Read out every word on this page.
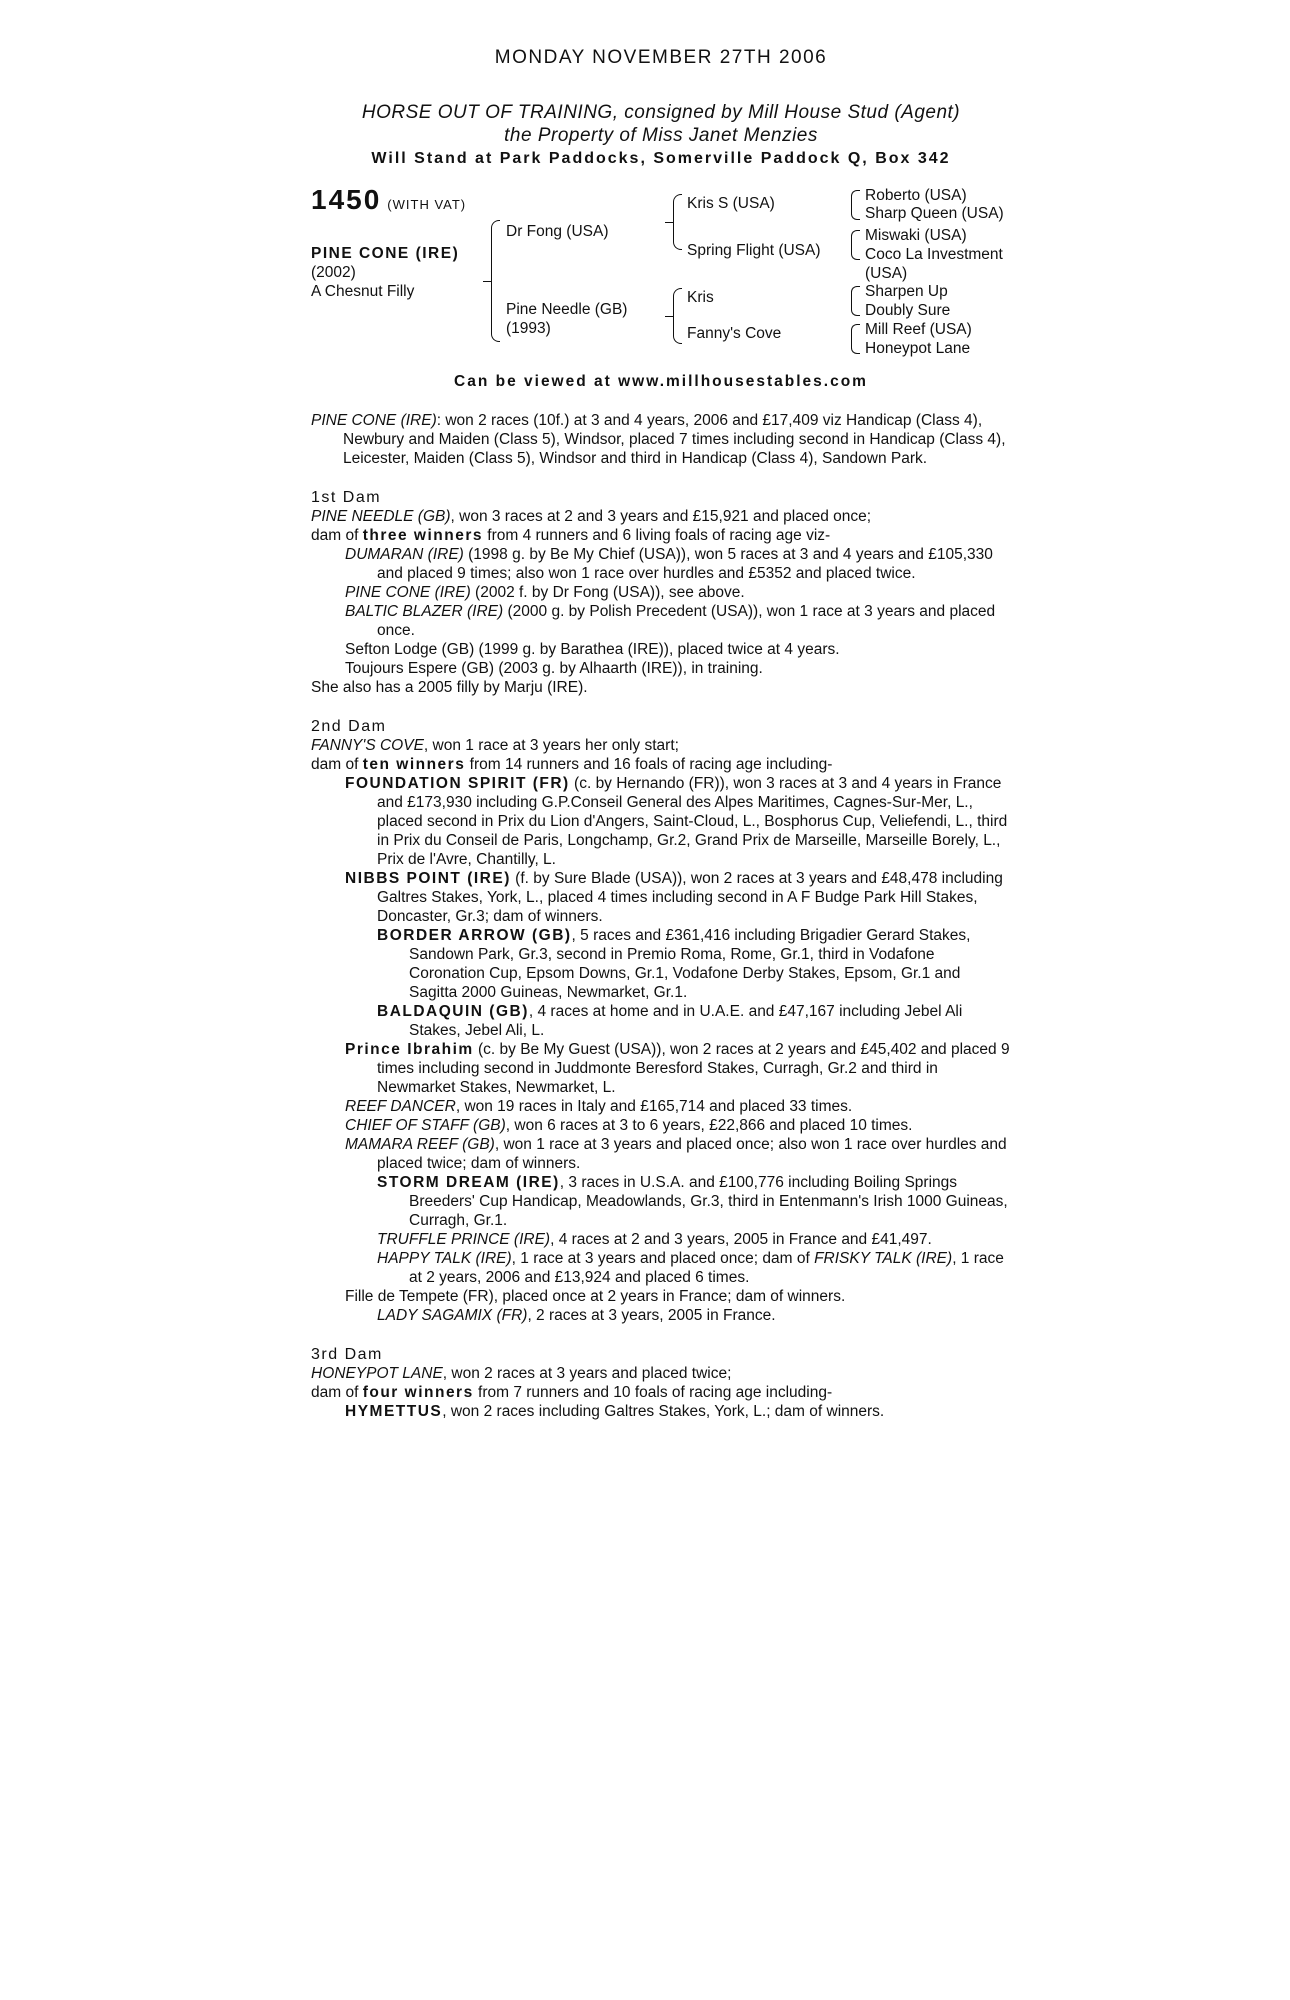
MONDAY NOVEMBER 27TH 2006
HORSE OUT OF TRAINING, consigned by Mill House Stud (Agent)
the Property of Miss Janet Menzies
Will Stand at Park Paddocks, Somerville Paddock Q, Box 342
1450 (WITH VAT)
PINE CONE (IRE)
(2002)
A Chesnut Filly
Dr Fong (USA)
Pine Needle (GB)
(1993)
Kris S (USA)
Spring Flight (USA)
Kris
Fanny's Cove
Roberto (USA)
Sharp Queen (USA)
Miswaki (USA)
Coco La Investment
(USA)
Sharpen Up
Doubly Sure
Mill Reef (USA)
Honeypot Lane
Can be viewed at www.millhousestables.com

PINE CONE (IRE): won 2 races (10f.) at 3 and 4 years, 2006 and £17,409 viz Handicap (Class 4), Newbury and Maiden (Class 5), Windsor, placed 7 times including second in Handicap (Class 4), Leicester, Maiden (Class 5), Windsor and third in Handicap (Class 4), Sandown Park.

1st Dam

PINE NEEDLE (GB), won 3 races at 2 and 3 years and £15,921 and placed once;

dam of three winners from 4 runners and 6 living foals of racing age viz-

DUMARAN (IRE) (1998 g. by Be My Chief (USA)), won 5 races at 3 and 4 years and £105,330 and placed 9 times; also won 1 race over hurdles and £5352 and placed twice.

PINE CONE (IRE) (2002 f. by Dr Fong (USA)), see above.

BALTIC BLAZER (IRE) (2000 g. by Polish Precedent (USA)), won 1 race at 3 years and placed once.

Sefton Lodge (GB) (1999 g. by Barathea (IRE)), placed twice at 4 years.

Toujours Espere (GB) (2003 g. by Alhaarth (IRE)), in training.

She also has a 2005 filly by Marju (IRE).

2nd Dam

FANNY'S COVE, won 1 race at 3 years her only start;

dam of ten winners from 14 runners and 16 foals of racing age including-

FOUNDATION SPIRIT (FR) (c. by Hernando (FR)), won 3 races at 3 and 4 years in France and £173,930 including G.P.Conseil General des Alpes Maritimes, Cagnes-Sur-Mer, L., placed second in Prix du Lion d'Angers, Saint-Cloud, L., Bosphorus Cup, Veliefendi, L., third in Prix du Conseil de Paris, Longchamp, Gr.2, Grand Prix de Marseille, Marseille Borely, L., Prix de l'Avre, Chantilly, L.

NIBBS POINT (IRE) (f. by Sure Blade (USA)), won 2 races at 3 years and £48,478 including Galtres Stakes, York, L., placed 4 times including second in A F Budge Park Hill Stakes, Doncaster, Gr.3; dam of winners.

BORDER ARROW (GB), 5 races and £361,416 including Brigadier Gerard Stakes, Sandown Park, Gr.3, second in Premio Roma, Rome, Gr.1, third in Vodafone Coronation Cup, Epsom Downs, Gr.1, Vodafone Derby Stakes, Epsom, Gr.1 and Sagitta 2000 Guineas, Newmarket, Gr.1.

BALDAQUIN (GB), 4 races at home and in U.A.E. and £47,167 including Jebel Ali Stakes, Jebel Ali, L.

Prince Ibrahim (c. by Be My Guest (USA)), won 2 races at 2 years and £45,402 and placed 9 times including second in Juddmonte Beresford Stakes, Curragh, Gr.2 and third in Newmarket Stakes, Newmarket, L.

REEF DANCER, won 19 races in Italy and £165,714 and placed 33 times.

CHIEF OF STAFF (GB), won 6 races at 3 to 6 years, £22,866 and placed 10 times.

MAMARA REEF (GB), won 1 race at 3 years and placed once; also won 1 race over hurdles and placed twice; dam of winners.

STORM DREAM (IRE), 3 races in U.S.A. and £100,776 including Boiling Springs Breeders' Cup Handicap, Meadowlands, Gr.3, third in Entenmann's Irish 1000 Guineas, Curragh, Gr.1.

TRUFFLE PRINCE (IRE), 4 races at 2 and 3 years, 2005 in France and £41,497.

HAPPY TALK (IRE), 1 race at 3 years and placed once; dam of FRISKY TALK (IRE), 1 race at 2 years, 2006 and £13,924 and placed 6 times.

Fille de Tempete (FR), placed once at 2 years in France; dam of winners.

LADY SAGAMIX (FR), 2 races at 3 years, 2005 in France.

3rd Dam

HONEYPOT LANE, won 2 races at 3 years and placed twice;

dam of four winners from 7 runners and 10 foals of racing age including-

HYMETTUS, won 2 races including Galtres Stakes, York, L.; dam of winners.
